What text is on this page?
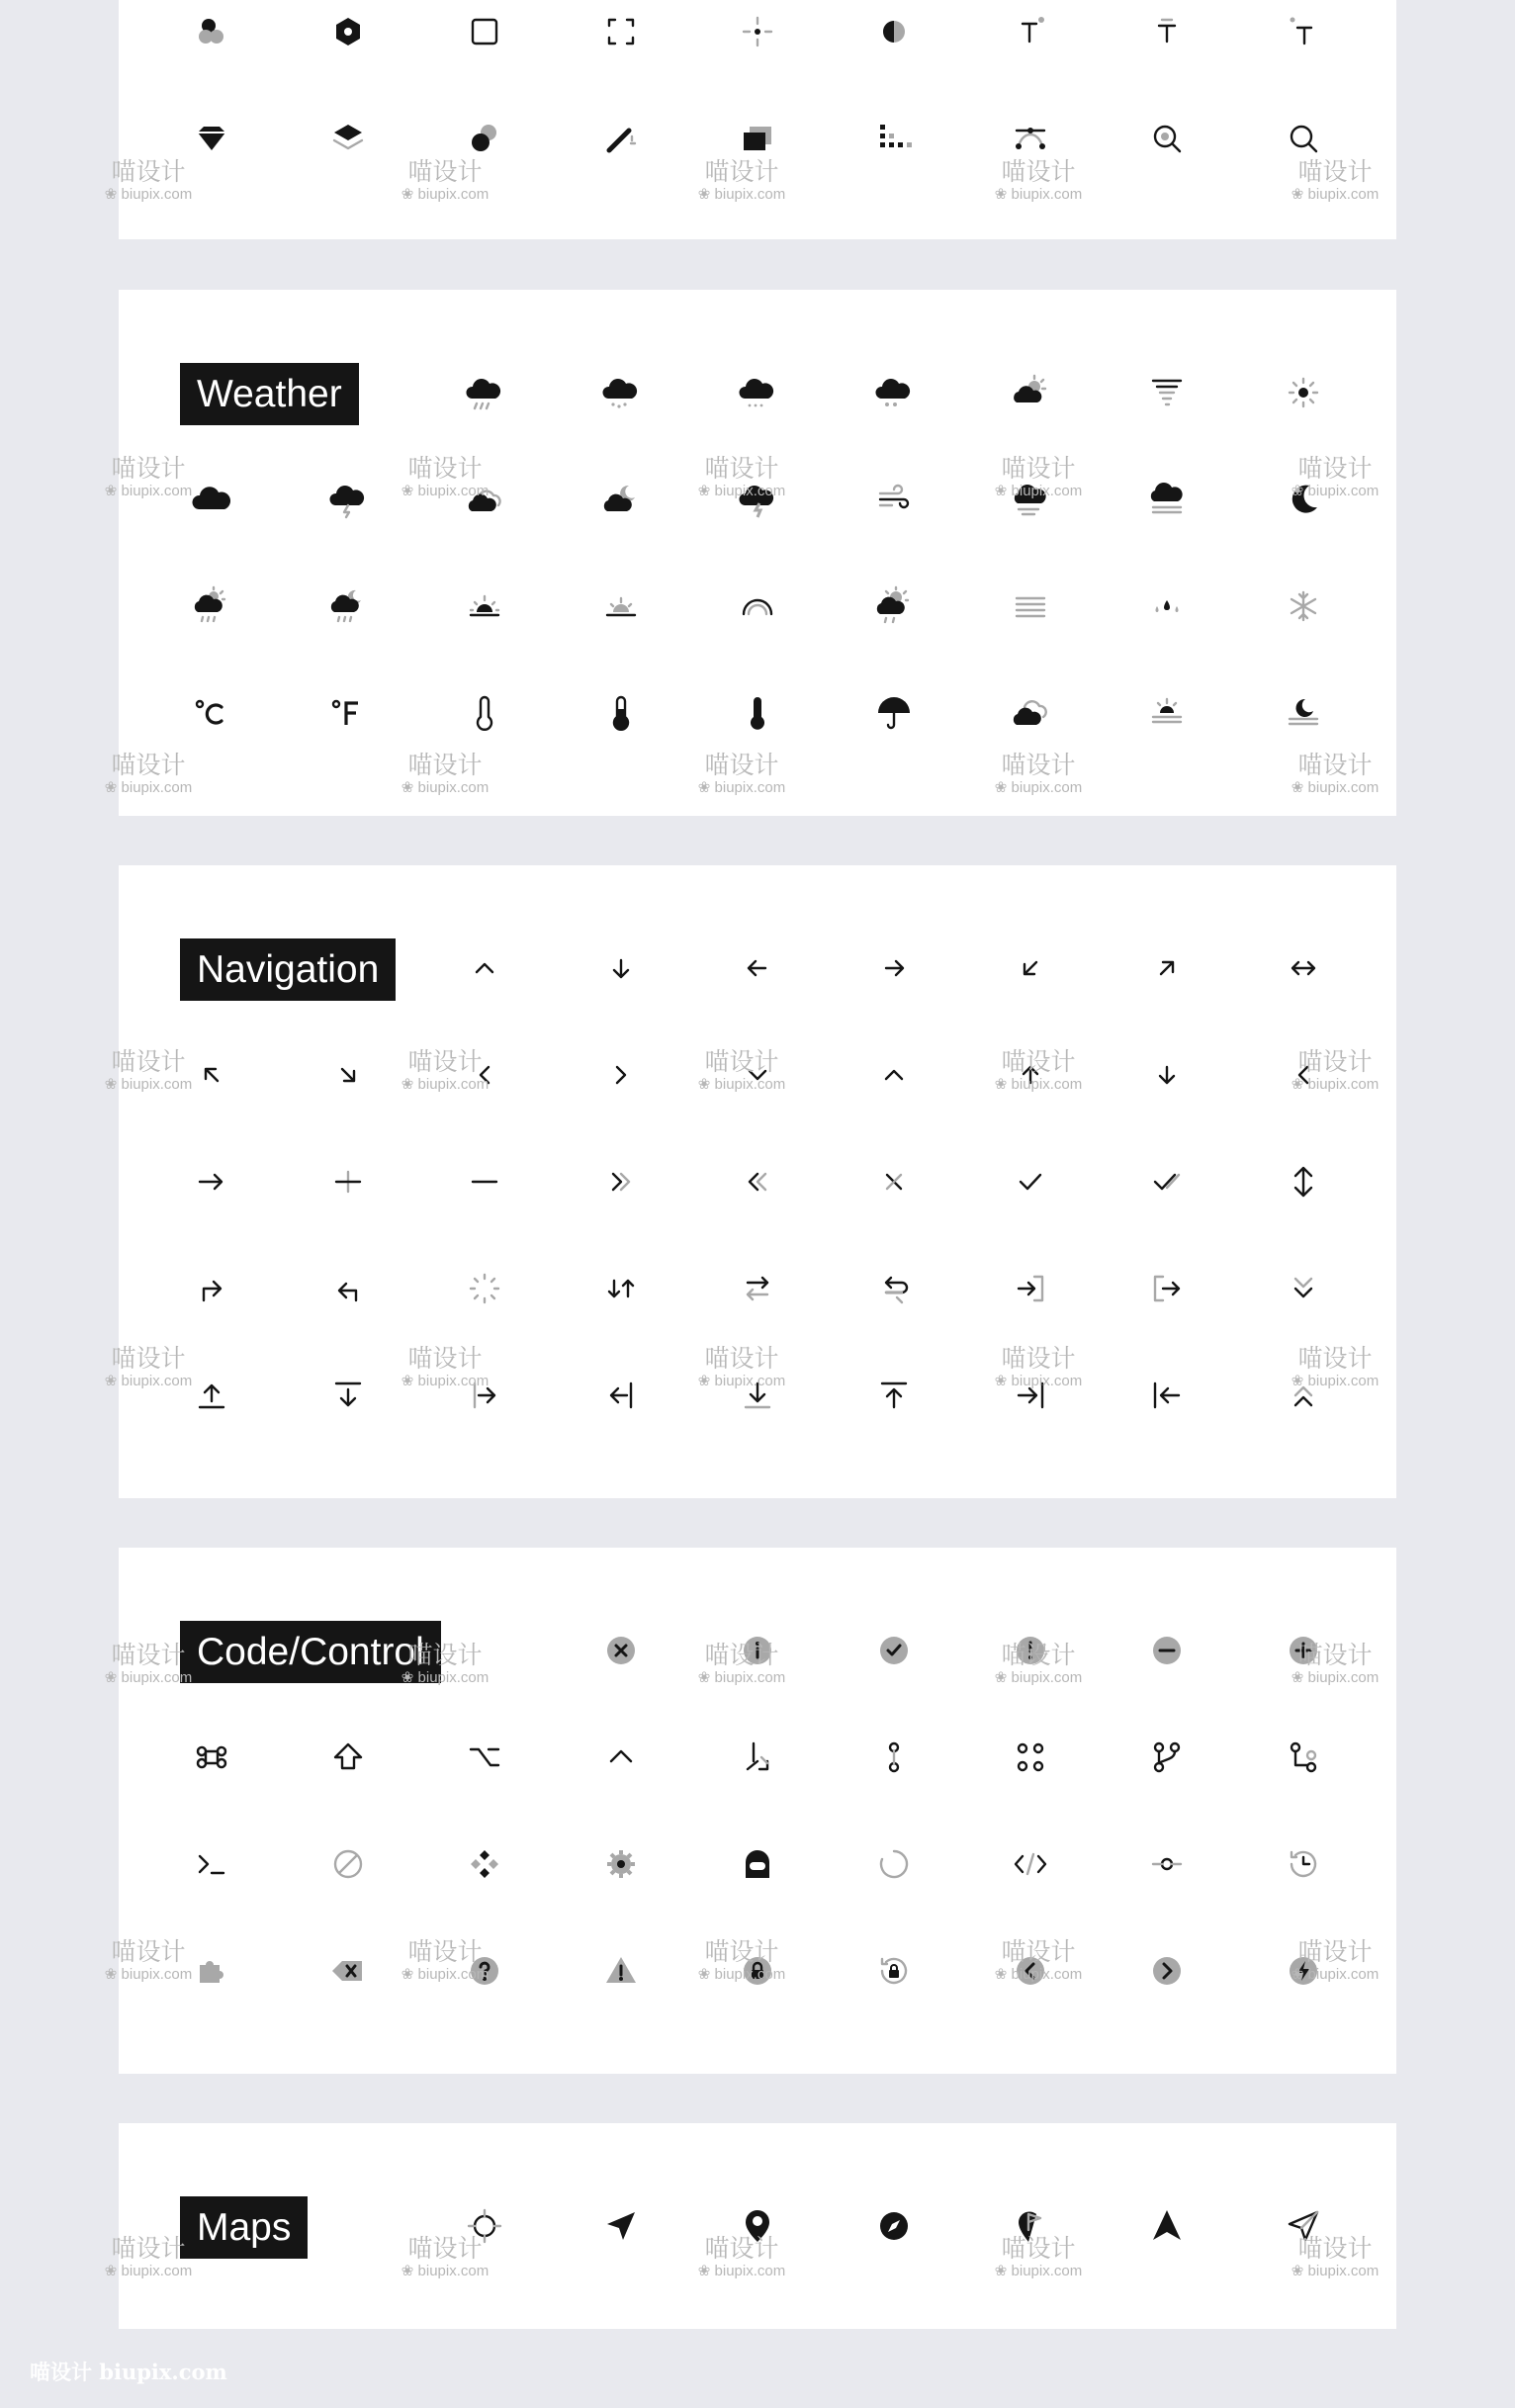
Weather
Navigation
Code/Control
Maps
喵设计
❀ biupix.com
喵设计
❀ biupix.com
喵设计
❀ biupix.com
喵设计
❀ biupix.com
喵设计
❀ biupix.com
喵设计
❀ biupix.com
喵设计
❀ biupix.com
喵设计
❀ biupix.com
喵设计
❀ biupix.com
喵设计
❀ biupix.com
喵设计
❀ biupix.com
喵设计
❀ biupix.com
喵设计
❀ biupix.com
喵设计
❀ biupix.com
喵设计
❀ biupix.com
喵设计
❀ biupix.com
喵设计
❀ biupix.com
喵设计
❀ biupix.com
喵设计
❀ biupix.com
喵设计
❀ biupix.com
喵设计
❀ biupix.com
喵设计
❀ biupix.com
喵设计
❀ biupix.com
喵设计
❀ biupix.com
喵设计
❀ biupix.com
喵设计
❀ biupix.com
喵设计
❀ biupix.com
喵设计
❀ biupix.com
喵设计
❀ biupix.com
喵设计
❀ biupix.com
喵设计
❀ biupix.com
喵设计
❀ biupix.com
喵设计
❀ biupix.com
喵设计
❀ biupix.com
喵设计
❀ biupix.com
喵设计
❀ biupix.com
喵设计
❀ biupix.com
喵设计
❀ biupix.com
喵设计
❀ biupix.com
喵设计
❀ biupix.com
喵设计 biupix.com
